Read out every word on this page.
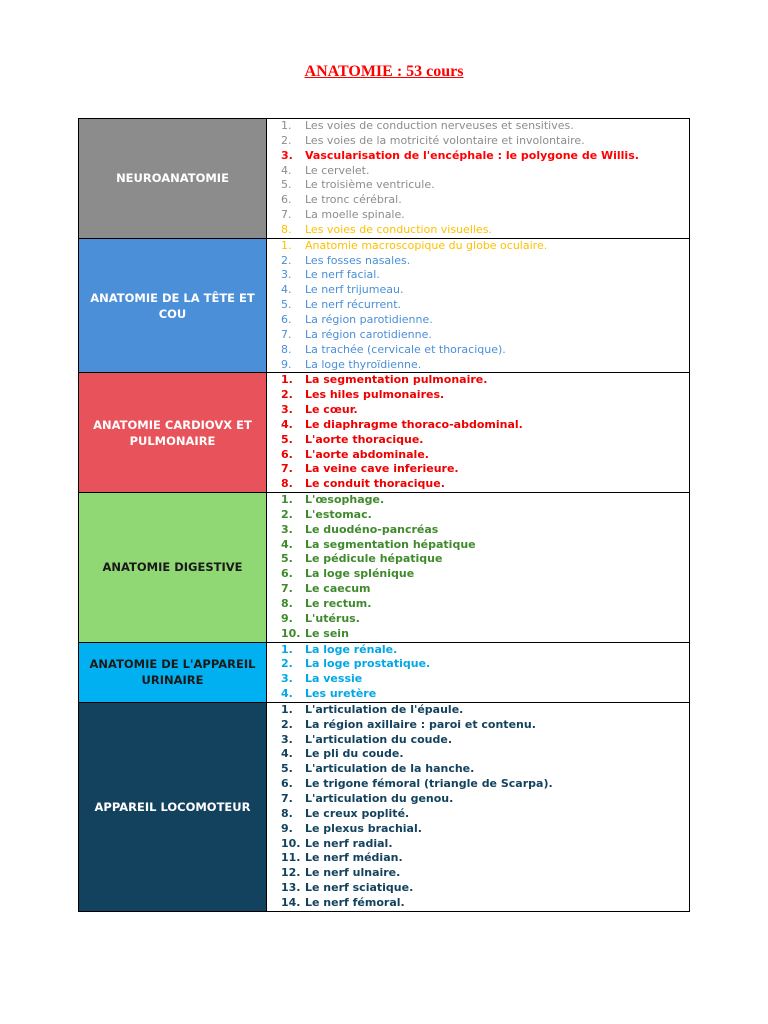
ANATOMIE : 53 cours
NEUROANATOMIE
1.	Les voies de conduction nerveuses et sensitives.
2.	Les voies de la motricité volontaire et involontaire.
3.	Vascularisation de l'encéphale : le polygone de Willis.
4.	Le cervelet.
5.	Le troisième ventricule.
6.	Le tronc cérébral.
7.	La moelle spinale.
8.	Les voies de conduction visuelles.
ANATOMIE DE LA TÊTE ET COU
1.	Anatomie macroscopique du globe oculaire.
2.	Les fosses nasales.
3.	Le nerf facial.
4.	Le nerf trijumeau.
5.	Le nerf récurrent.
6.	La région parotidienne.
7.	La région carotidienne.
8.	La trachée (cervicale et thoracique).
9.	La loge thyroïdienne.
ANATOMIE CARDIOVX ET PULMONAIRE
1.	La segmentation pulmonaire.
2.	Les hiles pulmonaires.
3.	Le cœur.
4.	Le diaphragme thoraco-abdominal.
5.	L'aorte thoracique.
6.	L'aorte abdominale.
7.	La veine cave inferieure.
8.	Le conduit thoracique.
ANATOMIE DIGESTIVE
1.	L'œsophage.
2.	L'estomac.
3.	Le duodéno-pancréas
4.	La segmentation hépatique
5.	Le pédicule hépatique
6.	La loge splénique
7.	Le caecum
8.	Le rectum.
9.	L'utérus.
10. Le sein
ANATOMIE DE L'APPAREIL URINAIRE
1.	La loge rénale.
2.	La loge prostatique.
3.	La vessie
4.	Les uretère
APPAREIL LOCOMOTEUR
1.	L'articulation de l'épaule.
2.	La région axillaire : paroi et contenu.
3.	L'articulation du coude.
4.	Le pli du coude.
5.	L'articulation de la hanche.
6.	Le trigone fémoral (triangle de Scarpa).
7.	L'articulation du genou.
8.	Le creux poplité.
9.	Le plexus brachial.
10. Le nerf radial.
11. Le nerf médian.
12. Le nerf ulnaire.
13. Le nerf sciatique.
14. Le nerf fémoral.
